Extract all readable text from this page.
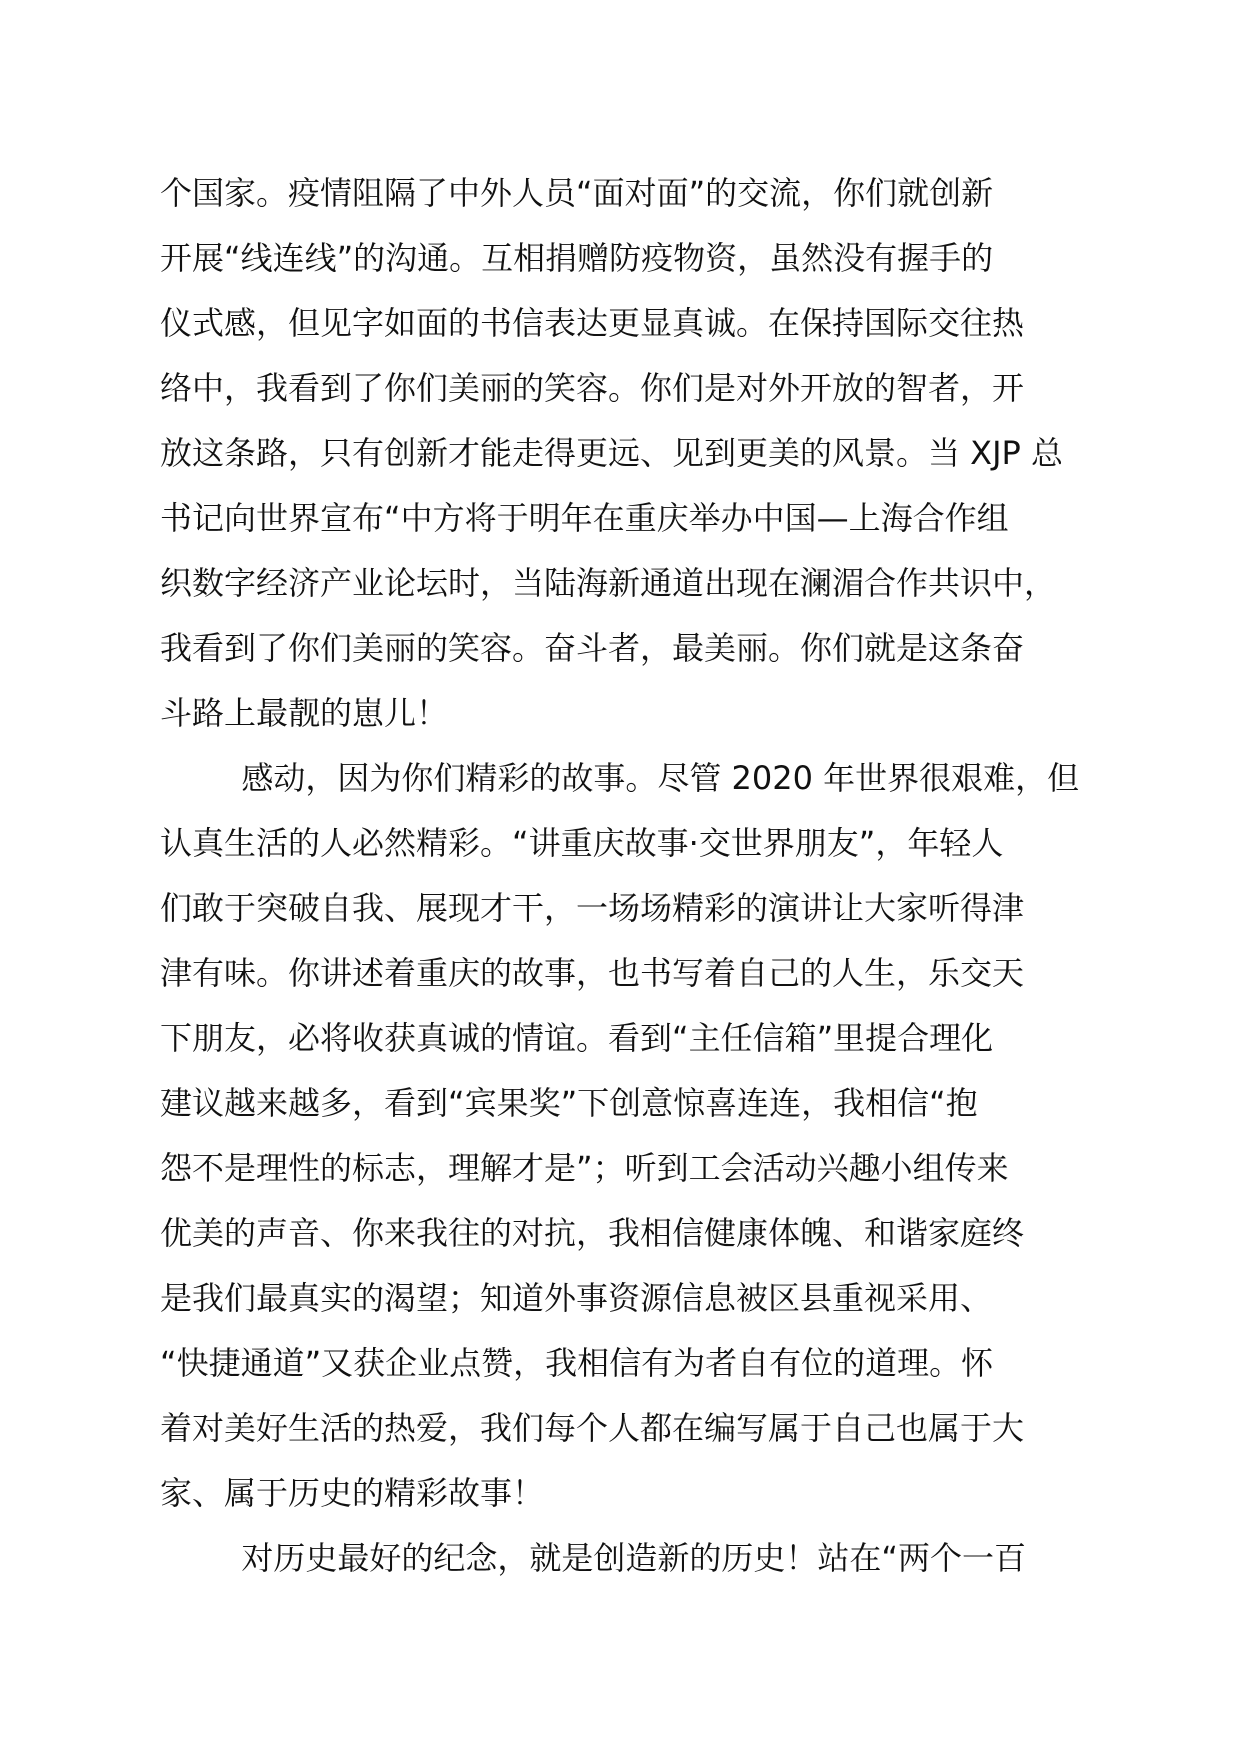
个国家。疫情阻隔了中外人员“面对面”的交流，你们就创新
开展“线连线”的沟通。互相捐赠防疫物资，虽然没有握手的
仪式感，但见字如面的书信表达更显真诚。在保持国际交往热
络中，我看到了你们美丽的笑容。你们是对外开放的智者，开
放这条路，只有创新才能走得更远、见到更美的风景。当 XJP 总
书记向世界宣布“中方将于明年在重庆举办中国—上海合作组
织数字经济产业论坛时，当陆海新通道出现在澜湄合作共识中，
我看到了你们美丽的笑容。奋斗者，最美丽。你们就是这条奋
斗路上最靓的崽儿！
感动，因为你们精彩的故事。尽管 2020 年世界很艰难，但
认真生活的人必然精彩。“讲重庆故事·交世界朋友”，年轻人
们敢于突破自我、展现才干，一场场精彩的演讲让大家听得津
津有味。你讲述着重庆的故事，也书写着自己的人生，乐交天
下朋友，必将收获真诚的情谊。看到“主任信箱”里提合理化
建议越来越多，看到“宾果奖”下创意惊喜连连，我相信“抱
怨不是理性的标志，理解才是”；听到工会活动兴趣小组传来
优美的声音、你来我往的对抗，我相信健康体魄、和谐家庭终
是我们最真实的渴望；知道外事资源信息被区县重视采用、
“快捷通道”又获企业点赞，我相信有为者自有位的道理。怀
着对美好生活的热爱，我们每个人都在编写属于自己也属于大
家、属于历史的精彩故事！
对历史最好的纪念，就是创造新的历史！站在“两个一百
